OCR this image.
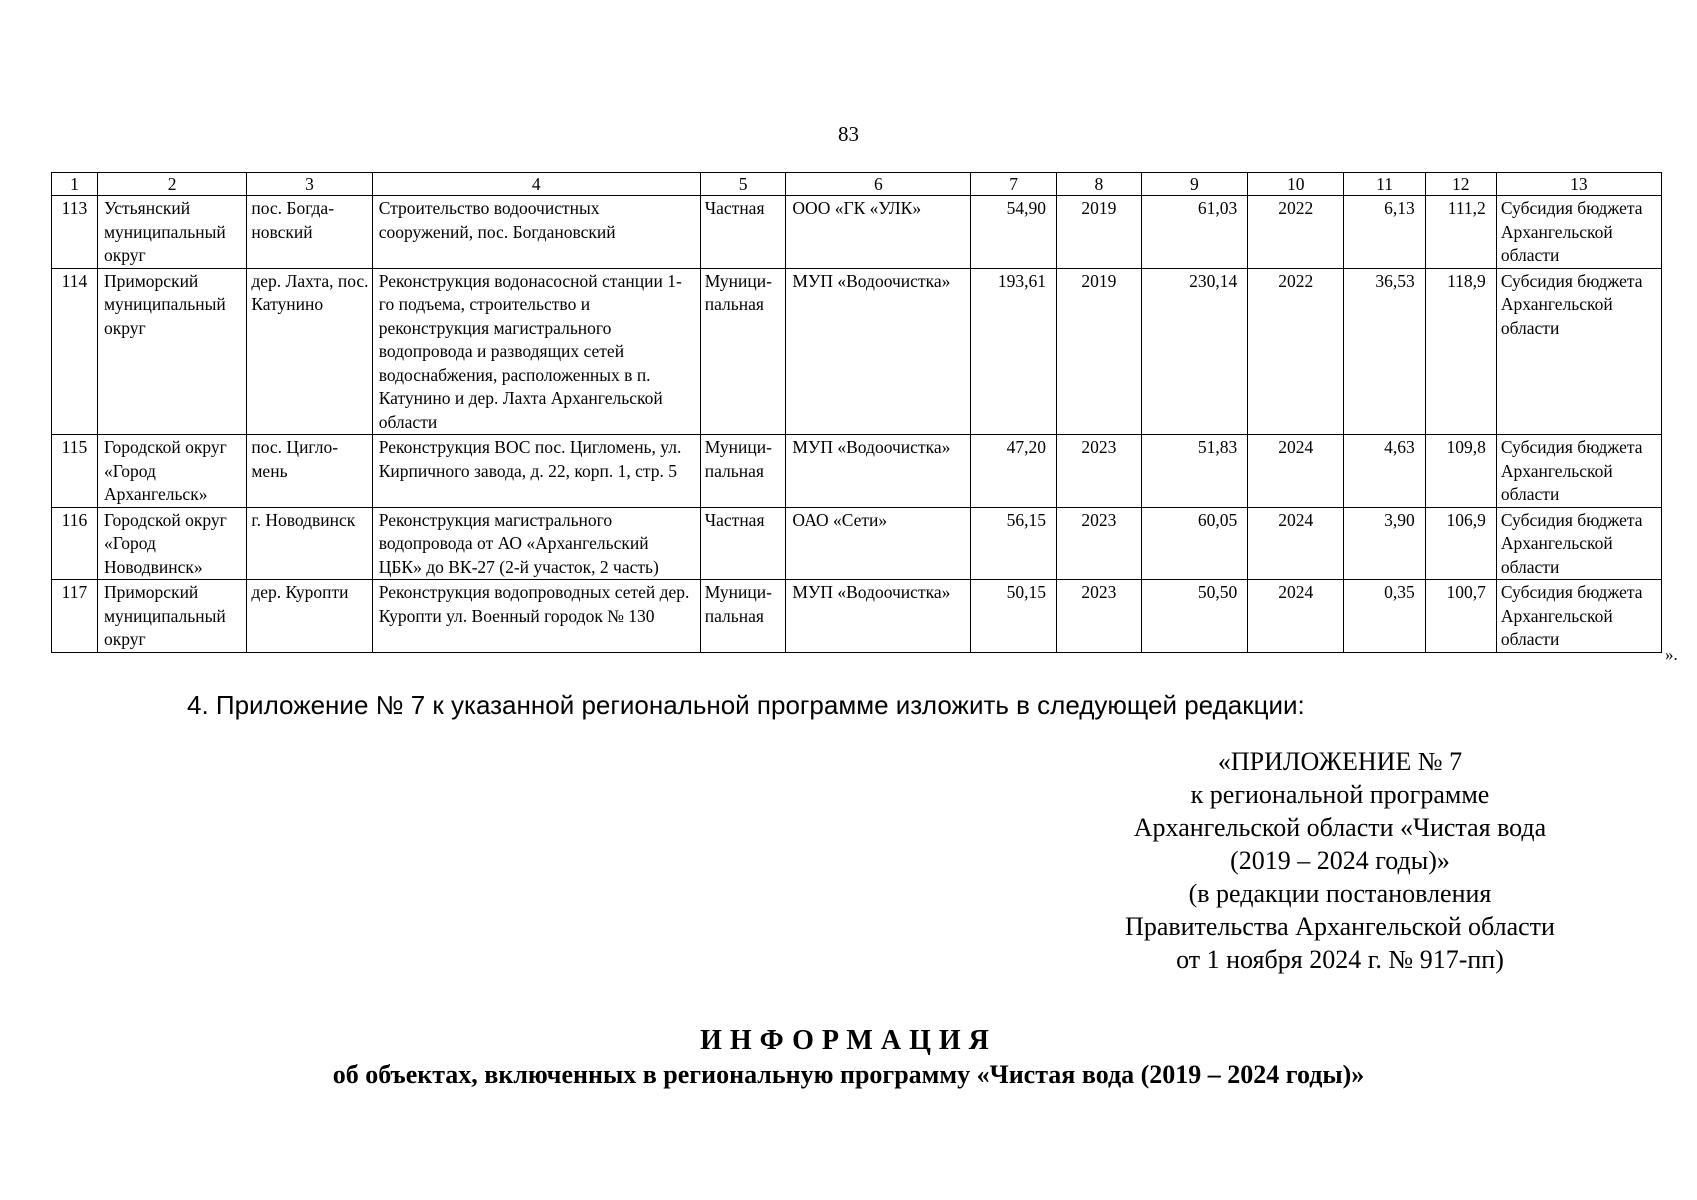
83
1	2	3	4	5	6	7	8	9	10	11	12	13
113	Устьянский муниципальный округ	пос. Богда-новский	Строительство водоочистных сооружений, пос. Богдановский	Частная	ООО «ГК «УЛК»	54,90	2019	61,03	2022	6,13	111,2	Субсидия бюджета Архангельской области
114	Приморский муниципальный округ	дер. Лахта, пос. Катунино	Реконструкция водонасосной станции 1-го подъема, строительство и реконструкция магистрального водопровода и разводящих сетей водоснабжения, расположенных в п. Катунино и дер. Лахта Архангельской области	Муници-пальная	МУП «Водоочистка»	193,61	2019	230,14	2022	36,53	118,9	Субсидия бюджета Архангельской области
115	Городской округ «Город Архангельск»	пос. Цигло-мень	Реконструкция ВОС пос. Цигломень, ул. Кирпичного завода, д. 22, корп. 1, стр. 5	Муници-пальная	МУП «Водоочистка»	47,20	2023	51,83	2024	4,63	109,8	Субсидия бюджета Архангельской области
116	Городской округ «Город Новодвинск»	г. Новодвинск	Реконструкция магистрального водопровода от АО «Архангельский ЦБК» до ВК-27 (2-й участок, 2 часть)	Частная	ОАО «Сети»	56,15	2023	60,05	2024	3,90	106,9	Субсидия бюджета Архангельской области
117	Приморский муниципальный округ	дер. Куропти	Реконструкция водопроводных сетей дер. Куропти ул. Военный городок № 130	Муници-пальная	МУП «Водоочистка»	50,15	2023	50,50	2024	0,35	100,7	Субсидия бюджета Архангельской области
».
4. Приложение № 7 к указанной региональной программе изложить в следующей редакции:
«ПРИЛОЖЕНИЕ № 7
к региональной программе
Архангельской области «Чистая вода
(2019 – 2024 годы)»
(в редакции постановления
Правительства Архангельской области
от 1 ноября 2024 г. № 917-пп)
ИНФОРМАЦИЯ
об объектах, включенных в региональную программу «Чистая вода (2019 – 2024 годы)»
